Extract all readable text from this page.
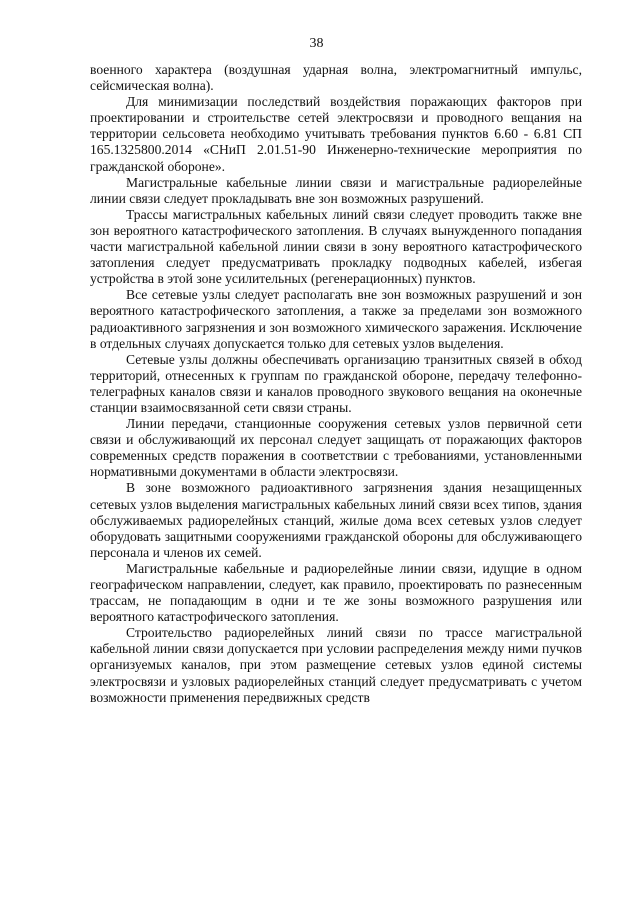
38

военного характера (воздушная ударная волна, электромагнитный импульс, сейсмическая волна).

Для минимизации последствий воздействия поражающих факторов при проектировании и строительстве сетей электросвязи и проводного вещания на территории сельсовета необходимо учитывать требования пунктов 6.60 - 6.81 СП 165.1325800.2014 «СНиП 2.01.51-90 Инженерно-технические мероприятия по гражданской обороне».

Магистральные кабельные линии связи и магистральные радиорелейные линии связи следует прокладывать вне зон возможных разрушений.

Трассы магистральных кабельных линий связи следует проводить также вне зон вероятного катастрофического затопления. В случаях вынужденного попадания части магистральной кабельной линии связи в зону вероятного катастрофического затопления следует предусматривать прокладку подводных кабелей, избегая устройства в этой зоне усилительных (регенерационных) пунктов.

Все сетевые узлы следует располагать вне зон возможных разрушений и зон вероятного катастрофического затопления, а также за пределами зон возможного радиоактивного загрязнения и зон возможного химического заражения. Исключение в отдельных случаях допускается только для сетевых узлов выделения.

Сетевые узлы должны обеспечивать организацию транзитных связей в обход территорий, отнесенных к группам по гражданской обороне, передачу телефонно-телеграфных каналов связи и каналов проводного звукового вещания на оконечные станции взаимосвязанной сети связи страны.

Линии передачи, станционные сооружения сетевых узлов первичной сети связи и обслуживающий их персонал следует защищать от поражающих факторов современных средств поражения в соответствии с требованиями, установленными нормативными документами в области электросвязи.

В зоне возможного радиоактивного загрязнения здания незащищенных сетевых узлов выделения магистральных кабельных линий связи всех типов, здания обслуживаемых радиорелейных станций, жилые дома всех сетевых узлов следует оборудовать защитными сооружениями гражданской обороны для обслуживающего персонала и членов их семей.

Магистральные кабельные и радиорелейные линии связи, идущие в одном географическом направлении, следует, как правило, проектировать по разнесенным трассам, не попадающим в одни и те же зоны возможного разрушения или вероятного катастрофического затопления.

Строительство радиорелейных линий связи по трассе магистральной кабельной линии связи допускается при условии распределения между ними пучков организуемых каналов, при этом размещение сетевых узлов единой системы электросвязи и узловых радиорелейных станций следует предусматривать с учетом возможности применения передвижных средств
